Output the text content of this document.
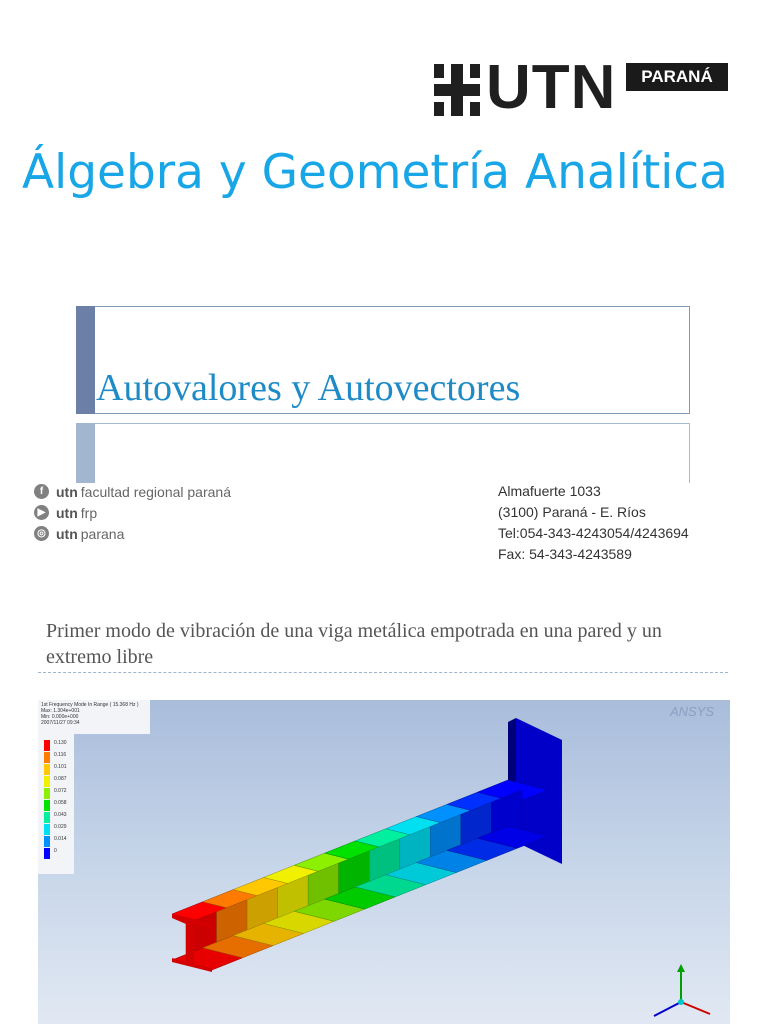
UTN	PARANÁ
Álgebra y Geometría Analítica
Autovalores y Autovectores
f utn facultad regional paraná
▶ utn frp
◎ utn parana
Almafuerte 1033
(3100) Paraná - E. Ríos
Tel:054-343-4243054/4243694
Fax: 54-343-4243589
Primer modo de vibración de una viga metálica empotrada en una pared y un extremo libre
1st Frequency Mode In Range ( 15.368 Hz )
Max: 1.304e+001
Min: 0.000e+000
2007/11/27 09:34
0.130
0.116
0.101
0.087
0.072
0.058
0.043
0.029
0.014
0
ANSYS
